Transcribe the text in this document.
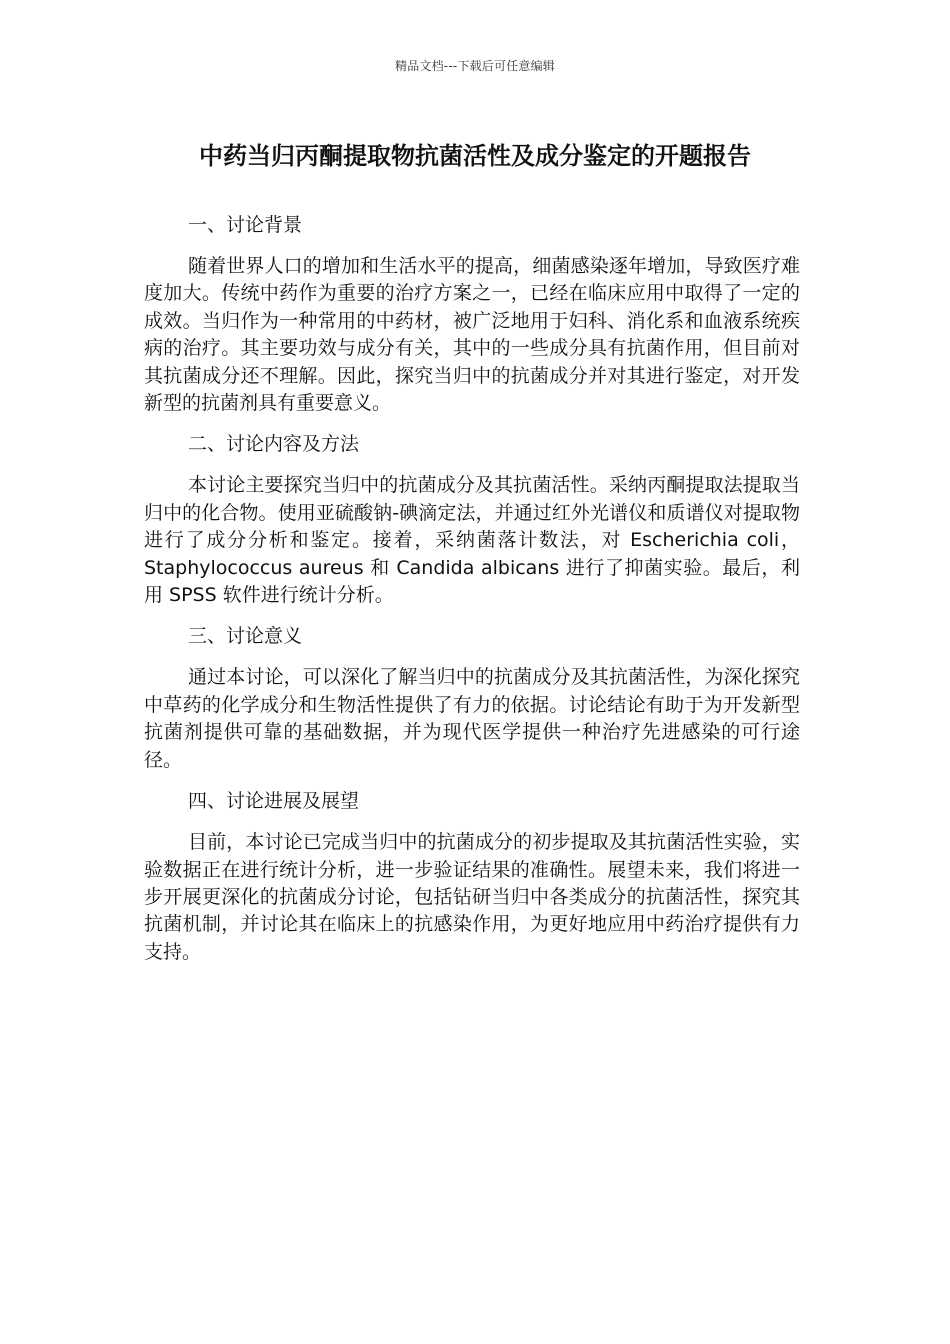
精品文档---下载后可任意编辑
中药当归丙酮提取物抗菌活性及成分鉴定的开题报告
一、讨论背景

随着世界人口的增加和生活水平的提高，细菌感染逐年增加，导致医疗难度加大。传统中药作为重要的治疗方案之一，已经在临床应用中取得了一定的成效。当归作为一种常用的中药材，被广泛地用于妇科、消化系和血液系统疾病的治疗。其主要功效与成分有关，其中的一些成分具有抗菌作用，但目前对其抗菌成分还不理解。因此，探究当归中的抗菌成分并对其进行鉴定，对开发新型的抗菌剂具有重要意义。

二、讨论内容及方法

本讨论主要探究当归中的抗菌成分及其抗菌活性。采纳丙酮提取法提取当归中的化合物。使用亚硫酸钠-碘滴定法，并通过红外光谱仪和质谱仪对提取物进行了成分分析和鉴定。接着，采纳菌落计数法，对 Escherichia coli，Staphylococcus aureus 和 Candida albicans 进行了抑菌实验。最后，利用 SPSS 软件进行统计分析。

三、讨论意义

通过本讨论，可以深化了解当归中的抗菌成分及其抗菌活性，为深化探究中草药的化学成分和生物活性提供了有力的依据。讨论结论有助于为开发新型抗菌剂提供可靠的基础数据，并为现代医学提供一种治疗先进感染的可行途径。

四、讨论进展及展望

目前，本讨论已完成当归中的抗菌成分的初步提取及其抗菌活性实验，实验数据正在进行统计分析，进一步验证结果的准确性。展望未来，我们将进一步开展更深化的抗菌成分讨论，包括钻研当归中各类成分的抗菌活性，探究其抗菌机制，并讨论其在临床上的抗感染作用，为更好地应用中药治疗提供有力支持。
